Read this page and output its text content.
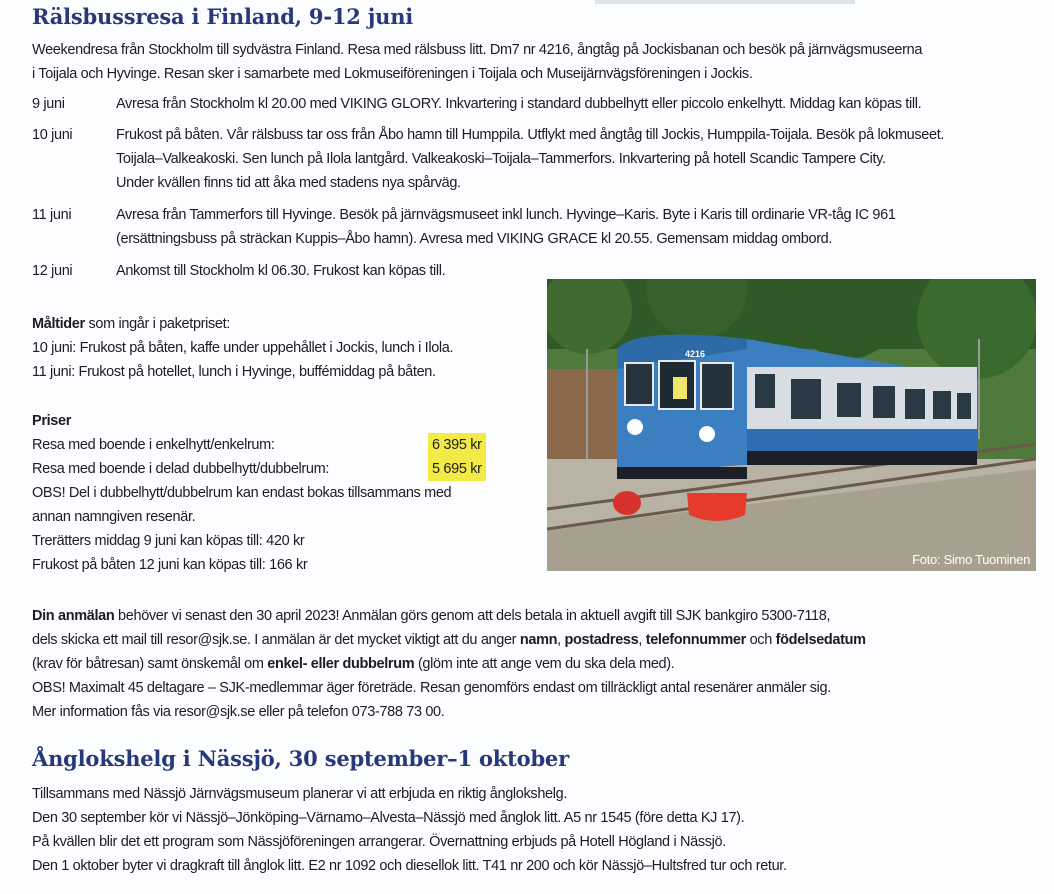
Rälsbussresa i Finland, 9-12 juni
Weekendresa från Stockholm till sydvästra Finland. Resa med rälsbuss litt. Dm7 nr 4216, ångtåg på Jockisbanan och besök på järnvägsmuseerna
i Toijala och Hyvinge. Resan sker i samarbete med Lokmuseiföreningen i Toijala och Museijärnvägsföreningen i Jockis.
9 juni	Avresa från Stockholm kl 20.00 med VIKING GLORY. Inkvartering i standard dubbelhytt eller piccolo enkelhytt. Middag kan köpas till.
10 juni	Frukost på båten. Vår rälsbuss tar oss från Åbo hamn till Humppila. Utflykt med ångtåg till Jockis, Humppila-Toijala. Besök på lokmuseet.
Toijala–Valkeakoski. Sen lunch på Ilola lantgård. Valkeakoski–Toijala–Tammerfors. Inkvartering på hotell Scandic Tampere City.
Under kvällen finns tid att åka med stadens nya spårväg.
11 juni	Avresa från Tammerfors till Hyvinge. Besök på järnvägsmuseet inkl lunch. Hyvinge–Karis. Byte i Karis till ordinarie VR-tåg IC 961
(ersättningsbuss på sträckan Kuppis–Åbo hamn). Avresa med VIKING GRACE kl 20.55. Gemensam middag ombord.
12 juni	Ankomst till Stockholm kl 06.30. Frukost kan köpas till.
Måltider som ingår i paketpriset:
10 juni: Frukost på båten, kaffe under uppehållet i Jockis, lunch i Ilola.
11 juni: Frukost på hotellet, lunch i Hyvinge, buffémiddag på båten.
Priser
Resa med boende i enkelhytt/enkelrum:	6 395 kr
Resa med boende i delad dubbelhytt/dubbelrum:	5 695 kr
OBS! Del i dubbelhytt/dubbelrum kan endast bokas tillsammans med
annan namngiven resenär.
Trerätters middag 9 juni kan köpas till: 420 kr
Frukost på båten 12 juni kan köpas till: 166 kr
4216
Foto: Simo Tuominen
Din anmälan behöver vi senast den 30 april 2023! Anmälan görs genom att dels betala in aktuell avgift till SJK bankgiro 5300-7118,
dels skicka ett mail till resor@sjk.se. I anmälan är det mycket viktigt att du anger namn, postadress, telefonnummer och födelsedatum
(krav för båtresan) samt önskemål om enkel- eller dubbelrum (glöm inte att ange vem du ska dela med).
OBS! Maximalt 45 deltagare – SJK-medlemmar äger företräde. Resan genomförs endast om tillräckligt antal resenärer anmäler sig.
Mer information fås via resor@sjk.se eller på telefon 073-788 73 00.
Ånglokshelg i Nässjö, 30 september–1 oktober
Tillsammans med Nässjö Järnvägsmuseum planerar vi att erbjuda en riktig ånglokshelg.
Den 30 september kör vi Nässjö–Jönköping–Värnamo–Alvesta–Nässjö med ånglok litt. A5 nr 1545 (före detta KJ 17).
På kvällen blir det ett program som Nässjöföreningen arrangerar. Övernattning erbjuds på Hotell Högland i Nässjö.
Den 1 oktober byter vi dragkraft till ånglok litt. E2 nr 1092 och diesellok litt. T41 nr 200 och kör Nässjö–Hultsfred tur och retur.
